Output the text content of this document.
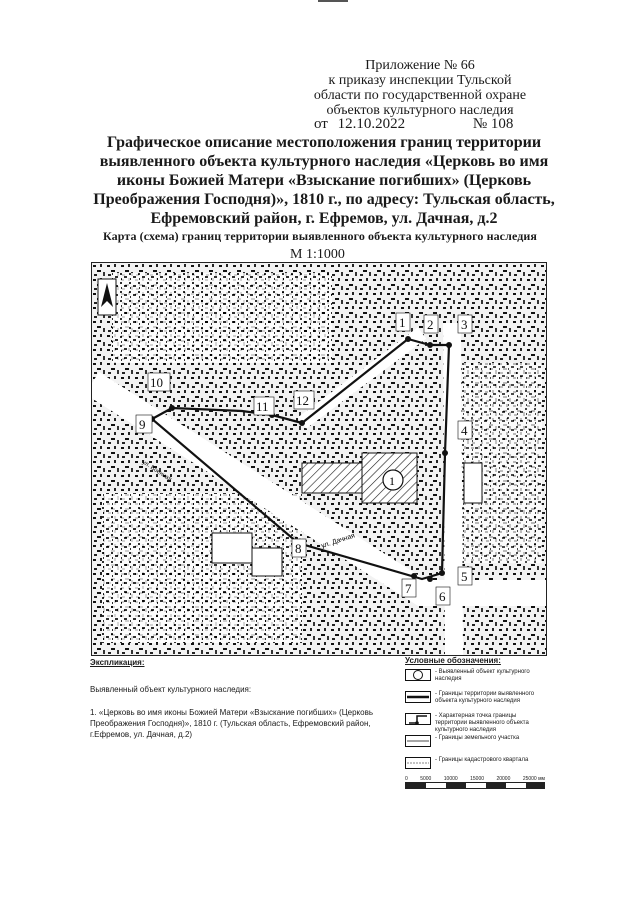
Приложение № 66
к приказу инспекции Тульской
области по государственной охране
объектов культурного наследия
от 12.10.2022	№ 108
Графическое описание местоположения границ территории выявленного объекта культурного наследия «Церковь во имя иконы Божией Матери «Взыскание погибших» (Церковь Преображения Господня)», 1810 г., по адресу: Тульская область, Ефремовский район, г. Ефремов, ул. Дачная, д.2
Карта (схема) границ территории выявленного объекта культурного наследия
М 1:1000
ул. Дачная
ул. Военная	1
1 2 3
4
5
6
7
8
9
10
11 12
Экспликация:
Выявленный объект культурного наследия:
1. «Церковь во имя иконы Божией Матери «Взыскание погибших» (Церковь Преображения Господня)», 1810 г. (Тульская область, Ефремовский район, г.Ефремов, ул. Дачная, д.2)
Условные обозначения:
- Выявленный объект культурного наследия
- Границы территории выявленного объекта культурного наследия
- Характерная точка границы территории выявленного объекта культурного наследия
- Границы земельного участка
- Границы кадастрового квартала
0 5000 10000 15000 20000 25000 мм
